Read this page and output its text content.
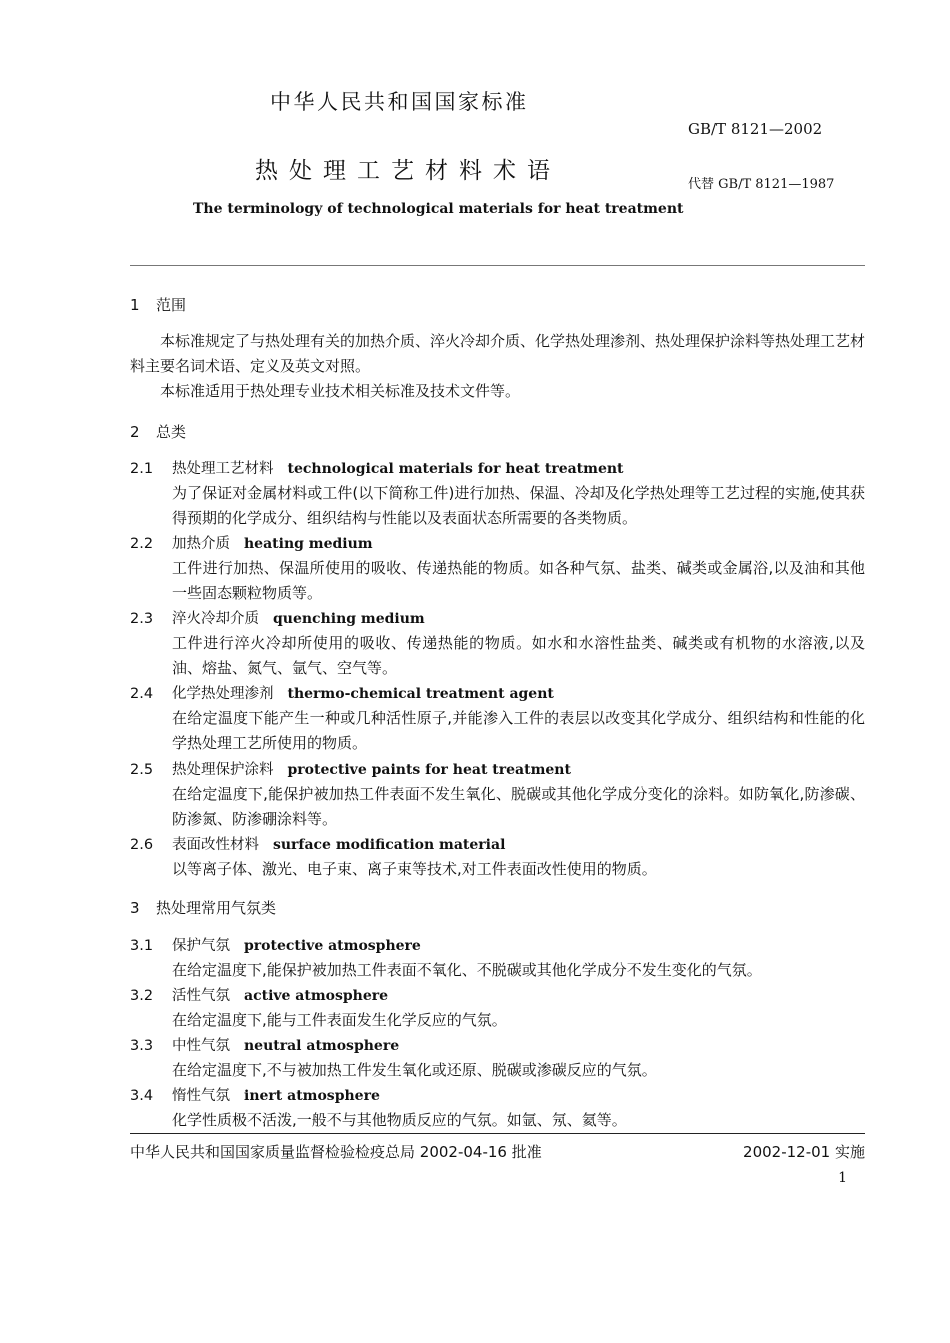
中华人民共和国国家标准
GB/T 8121—2002
热处理工艺材料术语
代替 GB/T 8121—1987
The terminology of technological materials for heat treatment
1 范围
本标准规定了与热处理有关的加热介质、淬火冷却介质、化学热处理渗剂、热处理保护涂料等热处理工艺材料主要名词术语、定义及英文对照。
本标准适用于热处理专业技术相关标准及技术文件等。
2 总类
2.1 热处理工艺材料 technological materials for heat treatment
为了保证对金属材料或工件(以下简称工件)进行加热、保温、冷却及化学热处理等工艺过程的实施,使其获得预期的化学成分、组织结构与性能以及表面状态所需要的各类物质。
2.2 加热介质 heating medium
工件进行加热、保温所使用的吸收、传递热能的物质。如各种气氛、盐类、碱类或金属浴,以及油和其他一些固态颗粒物质等。
2.3 淬火冷却介质 quenching medium
工件进行淬火冷却所使用的吸收、传递热能的物质。如水和水溶性盐类、碱类或有机物的水溶液,以及油、熔盐、氮气、氩气、空气等。
2.4 化学热处理渗剂 thermo-chemical treatment agent
在给定温度下能产生一种或几种活性原子,并能渗入工件的表层以改变其化学成分、组织结构和性能的化学热处理工艺所使用的物质。
2.5 热处理保护涂料 protective paints for heat treatment
在给定温度下,能保护被加热工件表面不发生氧化、脱碳或其他化学成分变化的涂料。如防氧化,防渗碳、防渗氮、防渗硼涂料等。
2.6 表面改性材料 surface modification material
以等离子体、激光、电子束、离子束等技术,对工件表面改性使用的物质。
3 热处理常用气氛类
3.1 保护气氛 protective atmosphere
在给定温度下,能保护被加热工件表面不氧化、不脱碳或其他化学成分不发生变化的气氛。
3.2 活性气氛 active atmosphere
在给定温度下,能与工件表面发生化学反应的气氛。
3.3 中性气氛 neutral atmosphere
在给定温度下,不与被加热工件发生氧化或还原、脱碳或渗碳反应的气氛。
3.4 惰性气氛 inert atmosphere
化学性质极不活泼,一般不与其他物质反应的气氛。如氩、氖、氦等。
中华人民共和国国家质量监督检验检疫总局 2002-04-16 批准	2002-12-01 实施
1
